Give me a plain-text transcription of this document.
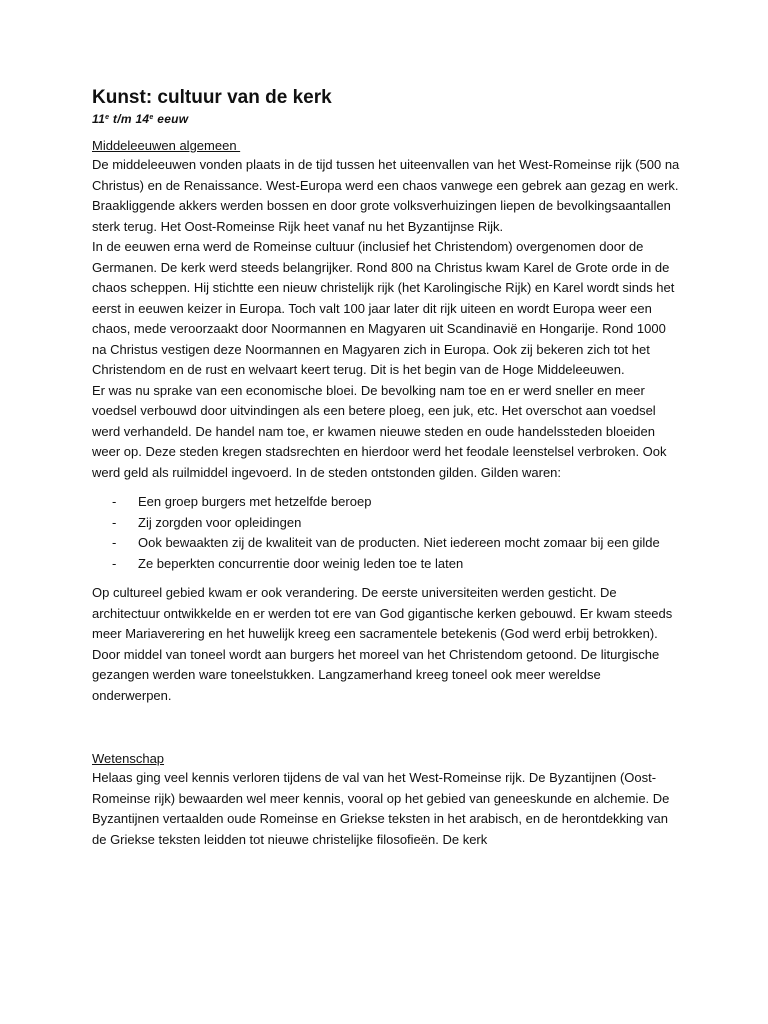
Kunst: cultuur van de kerk
11e t/m 14e eeuw

Middeleeuwen algemeen

De middeleeuwen vonden plaats in de tijd tussen het uiteenvallen van het West-Romeinse rijk (500 na Christus) en de Renaissance. West-Europa werd een chaos vanwege een gebrek aan gezag en werk. Braakliggende akkers werden bossen en door grote volksverhuizingen liepen de bevolkingsaantallen sterk terug. Het Oost-Romeinse Rijk heet vanaf nu het Byzantijnse Rijk.

In de eeuwen erna werd de Romeinse cultuur (inclusief het Christendom) overgenomen door de Germanen. De kerk werd steeds belangrijker. Rond 800 na Christus kwam Karel de Grote orde in de chaos scheppen. Hij stichtte een nieuw christelijk rijk (het Karolingische Rijk) en Karel wordt sinds het eerst in eeuwen keizer in Europa. Toch valt 100 jaar later dit rijk uiteen en wordt Europa weer een chaos, mede veroorzaakt door Noormannen en Magyaren uit Scandinavië en Hongarije. Rond 1000 na Christus vestigen deze Noormannen en Magyaren zich in Europa. Ook zij bekeren zich tot het Christendom en de rust en welvaart keert terug. Dit is het begin van de Hoge Middeleeuwen.

Er was nu sprake van een economische bloei. De bevolking nam toe en er werd sneller en meer voedsel verbouwd door uitvindingen als een betere ploeg, een juk, etc. Het overschot aan voedsel werd verhandeld. De handel nam toe, er kwamen nieuwe steden en oude handelssteden bloeiden weer op. Deze steden kregen stadsrechten en hierdoor werd het feodale leenstelsel verbroken. Ook werd geld als ruilmiddel ingevoerd. In de steden ontstonden gilden. Gilden waren:

- Een groep burgers met hetzelfde beroep
- Zij zorgden voor opleidingen
- Ook bewaakten zij de kwaliteit van de producten. Niet iedereen mocht zomaar bij een gilde
- Ze beperkten concurrentie door weinig leden toe te laten

Op cultureel gebied kwam er ook verandering. De eerste universiteiten werden gesticht. De architectuur ontwikkelde en er werden tot ere van God gigantische kerken gebouwd. Er kwam steeds meer Mariaverering en het huwelijk kreeg een sacramentele betekenis (God werd erbij betrokken). Door middel van toneel wordt aan burgers het moreel van het Christendom getoond. De liturgische gezangen werden ware toneelstukken. Langzamerhand kreeg toneel ook meer wereldse onderwerpen.

Wetenschap

Helaas ging veel kennis verloren tijdens de val van het West-Romeinse rijk. De Byzantijnen (Oost-Romeinse rijk) bewaarden wel meer kennis, vooral op het gebied van geneeskunde en alchemie. De Byzantijnen vertaalden oude Romeinse en Griekse teksten in het arabisch, en de herontdekking van de Griekse teksten leidden tot nieuwe christelijke filosofieën. De kerk
